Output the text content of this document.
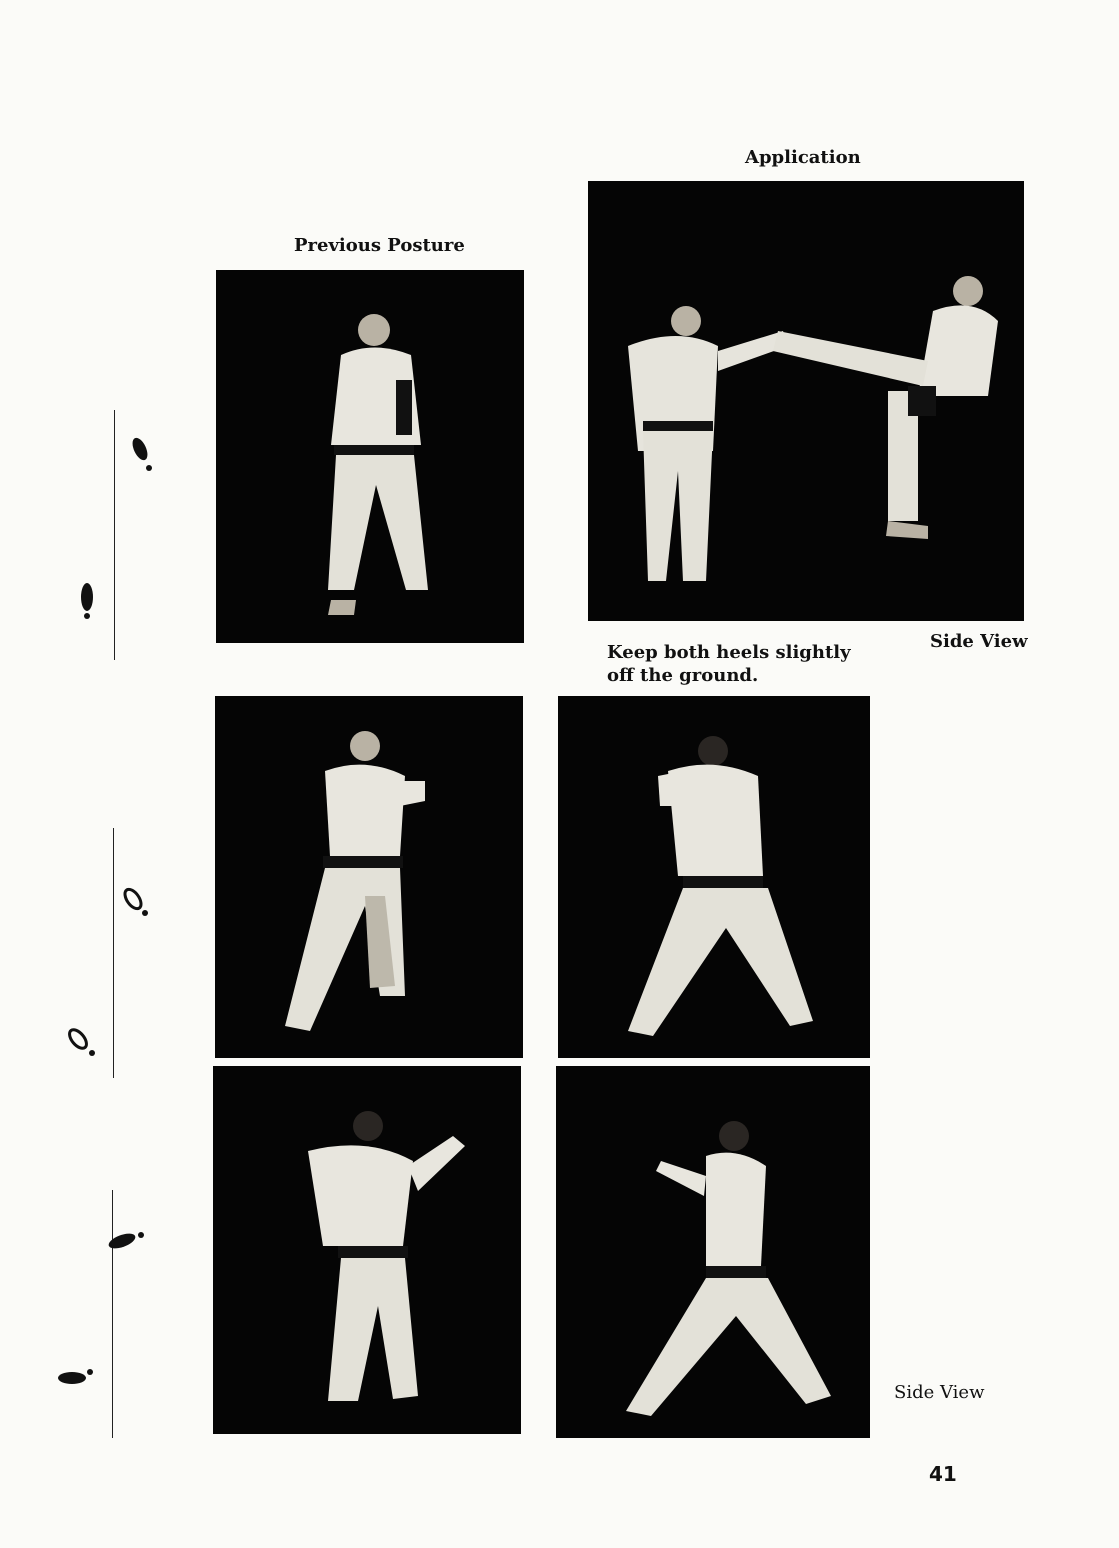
Application
Previous Posture
Keep both heels slightly
off the ground.
Side View
Side View
41
